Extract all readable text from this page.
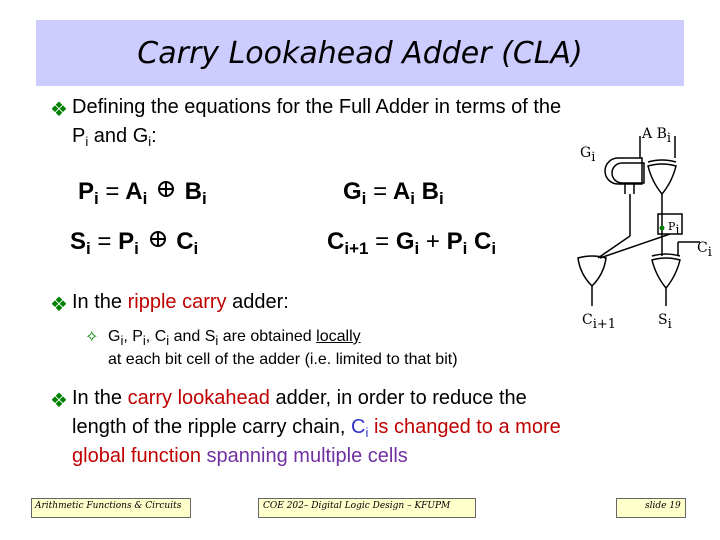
Carry Lookahead Adder (CLA)
❖ Defining the equations for the Full Adder in terms of the
$P_i$ and $G_i$:
$P_i = A_i$ $B_i$	$G_i = A_i$ $B_i$
$S_i = P_i$ $C_i$	$C_{i+1} = G_i + P_i$ $C_i$
A Bi
Gi
Pi
Ci
Ci+1	Si
❖ In the ripple carry adder:
✧ $G_i$, $P_i$, $C_i$ and $S_i$ are obtained locally
at each bit cell of the adder (i.e. limited to that bit)
❖ In the carry lookahead adder, in order to reduce the
length of the ripple carry chain, $C_i$ is changed to a more
global function spanning multiple cells
Arithmetic Functions & Circuits	COE 202– Digital Logic Design – KFUPM	slide 19
